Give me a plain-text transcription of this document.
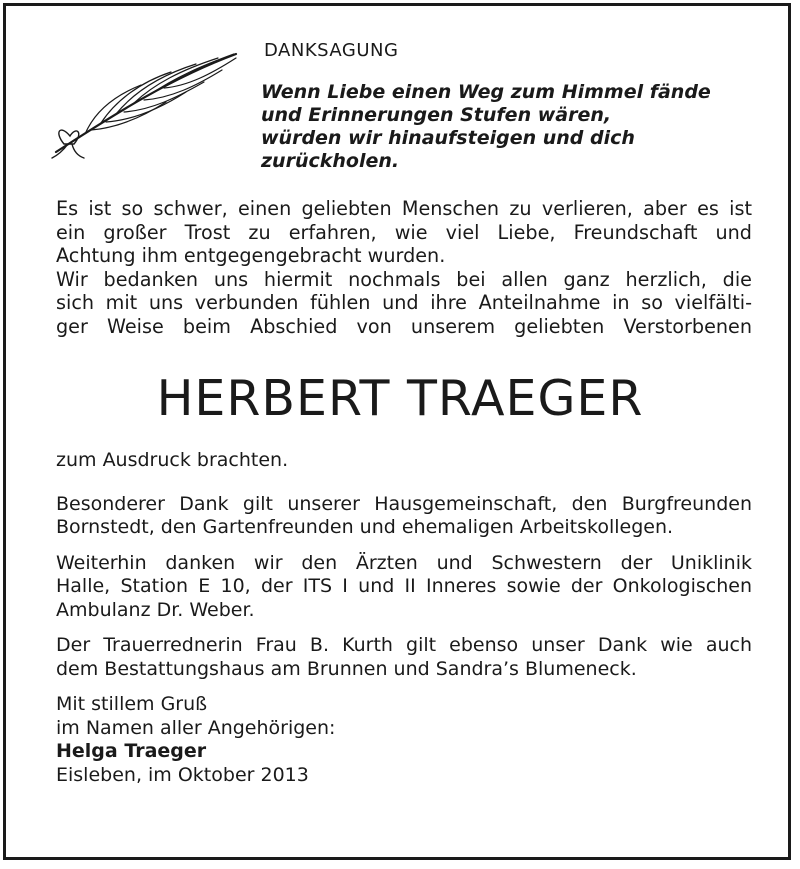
DANKSAGUNG
Wenn Liebe einen Weg zum Himmel fände
und Erinnerungen Stufen wären,
würden wir hinaufsteigen und dich
zurückholen.
Es ist so schwer, einen geliebten Menschen zu verlieren, aber es ist
ein großer Trost zu erfahren, wie viel Liebe, Freundschaft und
Achtung ihm entgegengebracht wurden.
Wir bedanken uns hiermit nochmals bei allen ganz herzlich, die
sich mit uns verbunden fühlen und ihre Anteilnahme in so vielfälti-
ger Weise beim Abschied von unserem geliebten Verstorbenen
HERBERT TRAEGER

zum Ausdruck brachten.

Besonderer Dank gilt unserer Hausgemeinschaft, den Burgfreunden
Bornstedt, den Gartenfreunden und ehemaligen Arbeitskollegen.

Weiterhin danken wir den Ärzten und Schwestern der Uniklinik
Halle, Station E 10, der ITS I und II Inneres sowie der Onkologischen
Ambulanz Dr. Weber.

Der Trauerrednerin Frau B. Kurth gilt ebenso unser Dank wie auch
dem Bestattungshaus am Brunnen und Sandra’s Blumeneck.

Mit stillem Gruß
im Namen aller Angehörigen:
Helga Traeger
Eisleben, im Oktober 2013
